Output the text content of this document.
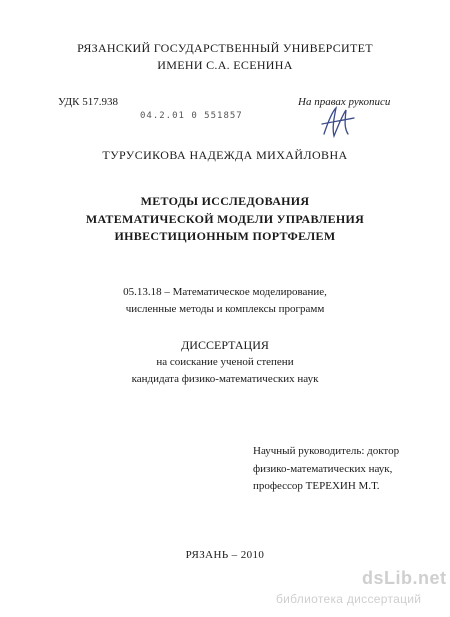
РЯЗАНСКИЙ ГОСУДАРСТВЕННЫЙ УНИВЕРСИТЕТ
ИМЕНИ С.А. ЕСЕНИНА
УДК 517.938	На правах рукописи
04.2.01 0 551857
ТУРУСИКОВА НАДЕЖДА МИХАЙЛОВНА
МЕТОДЫ ИССЛЕДОВАНИЯ
МАТЕМАТИЧЕСКОЙ МОДЕЛИ УПРАВЛЕНИЯ
ИНВЕСТИЦИОННЫМ ПОРТФЕЛЕМ
05.13.18 – Математическое моделирование,
численные методы и комплексы программ
ДИССЕРТАЦИЯ
на соискание ученой степени
кандидата физико-математических наук
Научный руководитель: доктор
физико-математических наук,
профессор ТЕРЕХИН М.Т.
РЯЗАНЬ – 2010
dsLib.net
библиотека диссертаций
